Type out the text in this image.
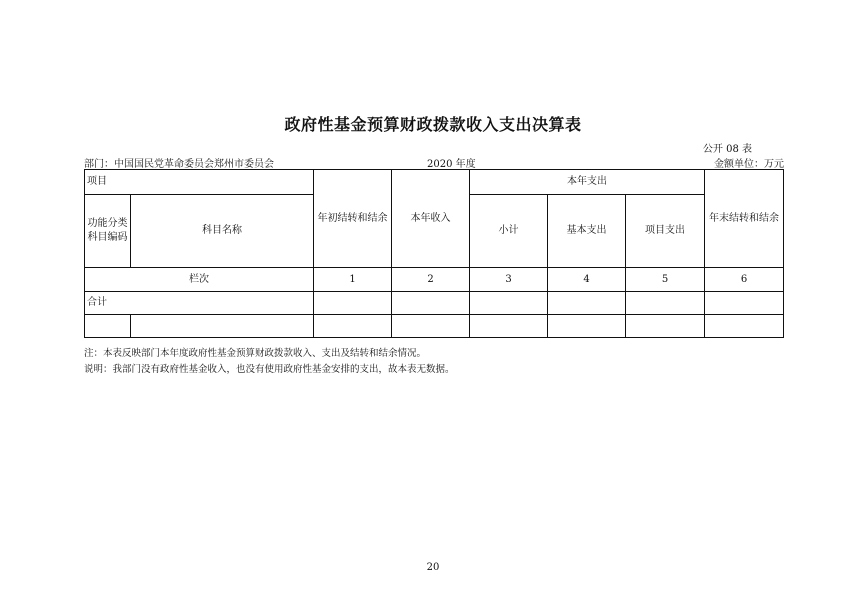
政府性基金预算财政拨款收入支出决算表
公开 08 表
部门：中国国民党革命委员会郑州市委员会	2020 年度	金额单位：万元
项目		年初结转和结余	本年收入	本年支出			年末结转和结余
功能分类
科目编码	科目名称			小计	基本支出	项目支出	
栏次		1	2	3	4	5	6
合计							

注：本表反映部门本年度政府性基金预算财政拨款收入、支出及结转和结余情况。
说明：我部门没有政府性基金收入，也没有使用政府性基金安排的支出，故本表无数据。
20
